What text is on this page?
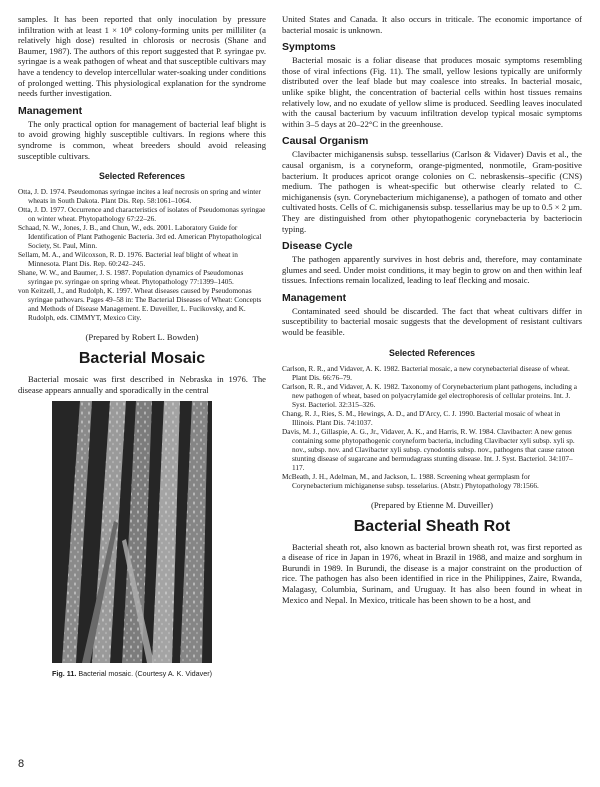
samples. It has been reported that only inoculation by pressure infiltration with at least 1 × 10⁸ colony-forming units per milliliter (a relatively high dose) resulted in chlorosis or necrosis (Shane and Baumer, 1987). The authors of this report suggested that P. syringae pv. syringae is a weak pathogen of wheat and that susceptible cultivars may have a tendency to develop intercellular water-soaking under conditions of prolonged wetting. This physiological explanation for the syndrome needs further investigation.

Management

The only practical option for management of bacterial leaf blight is to avoid growing highly susceptible cultivars. In regions where this syndrome is common, wheat breeders should avoid releasing susceptible cultivars.

Selected References

Otta, J. D. 1974. Pseudomonas syringae incites a leaf necrosis on spring and winter wheats in South Dakota. Plant Dis. Rep. 58:1061–1064.

Otta, J. D. 1977. Occurrence and characteristics of isolates of Pseudomonas syringae on winter wheat. Phytopathology 67:22–26.

Schaad, N. W., Jones, J. B., and Chun, W., eds. 2001. Laboratory Guide for Identification of Plant Pathogenic Bacteria. 3rd ed. American Phytopathological Society, St. Paul, Minn.

Sellam, M. A., and Wilcoxson, R. D. 1976. Bacterial leaf blight of wheat in Minnesota. Plant Dis. Rep. 60:242–245.

Shane, W. W., and Baumer, J. S. 1987. Population dynamics of Pseudomonas syringae pv. syringae on spring wheat. Phytopathology 77:1399–1405.

von Keitzell, J., and Rudolph, K. 1997. Wheat diseases caused by Pseudomonas syringae pathovars. Pages 49–58 in: The Bacterial Diseases of Wheat: Concepts and Methods of Disease Management. E. Duveiller, L. Fucikovsky, and K. Rudolph, eds. CIMMYT, Mexico City.

(Prepared by Robert L. Bowden)
Bacterial Mosaic

Bacterial mosaic was first described in Nebraska in 1976. The disease appears annually and sporadically in the central

Fig. 11. Bacterial mosaic. (Courtesy A. K. Vidaver)

United States and Canada. It also occurs in triticale. The economic importance of bacterial mosaic is unknown.

Symptoms

Bacterial mosaic is a foliar disease that produces mosaic symptoms resembling those of viral infections (Fig. 11). The small, yellow lesions typically are uniformly distributed over the leaf blade but may coalesce into streaks. In bacterial mosaic, unlike spike blight, the concentration of bacterial cells within host tissues remains relatively low, and no exudate of yellow slime is produced. Seedling leaves inoculated with the causal bacterium by vacuum infiltration develop typical mosaic symptoms within 3–5 days at 20–22°C in the greenhouse.

Causal Organism

Clavibacter michiganensis subsp. tessellarius (Carlson & Vidaver) Davis et al., the causal organism, is a coryneform, orange-pigmented, nonmotile, Gram-positive bacterium. It produces apricot orange colonies on C. nebraskensis–specific (CNS) medium. The pathogen is wheat-specific but otherwise clearly related to C. michiganensis (syn. Corynebacterium michiganense), a pathogen of tomato and other cultivated hosts. Cells of C. michiganensis subsp. tessellarius may be up to 0.5 × 2 µm. They are distinguished from other phytopathogenic corynebacteria by bacteriocin typing.

Disease Cycle

The pathogen apparently survives in host debris and, therefore, may contaminate glumes and seed. Under moist conditions, it may begin to grow on and then within leaf tissues. Infections remain localized, leading to leaf flecking and mosaic.

Management

Contaminated seed should be discarded. The fact that wheat cultivars differ in susceptibility to bacterial mosaic suggests that the development of resistant cultivars would be feasible.

Selected References

Carlson, R. R., and Vidaver, A. K. 1982. Bacterial mosaic, a new corynebacterial disease of wheat. Plant Dis. 66:76–79.

Carlson, R. R., and Vidaver, A. K. 1982. Taxonomy of Corynebacterium plant pathogens, including a new pathogen of wheat, based on polyacrylamide gel electrophoresis of cellular proteins. Int. J. Syst. Bacteriol. 32:315–326.

Chang, R. J., Ries, S. M., Hewings, A. D., and D'Arcy, C. J. 1990. Bacterial mosaic of wheat in Illinois. Plant Dis. 74:1037.

Davis, M. J., Gillaspie, A. G., Jr., Vidaver, A. K., and Harris, R. W. 1984. Clavibacter: A new genus containing some phytopathogenic coryneform bacteria, including Clavibacter xyli subsp. xyli sp. nov., subsp. nov. and Clavibacter xyli subsp. cynodontis subsp. nov., pathogens that cause ratoon stunting disease of sugarcane and bermudagrass stunting disease. Int. J. Syst. Bacteriol. 34:107–117.

McBeath, J. H., Adelman, M., and Jackson, L. 1988. Screening wheat germplasm for Corynebacterium michiganense subsp. tesselarius. (Abstr.) Phytopathology 78:1566.

(Prepared by Etienne M. Duveiller)
Bacterial Sheath Rot

Bacterial sheath rot, also known as bacterial brown sheath rot, was first reported as a disease of rice in Japan in 1976, wheat in Brazil in 1988, and maize and sorghum in Burundi in 1989. In Burundi, the disease is a major constraint on the production of rice. The pathogen has also been identified in rice in the Philippines, Zaire, Rwanda, Malagasy, Columbia, Surinam, and Uruguay. It has also been found in wheat in Mexico and Nepal. In Mexico, triticale has been shown to be a host, and

8
